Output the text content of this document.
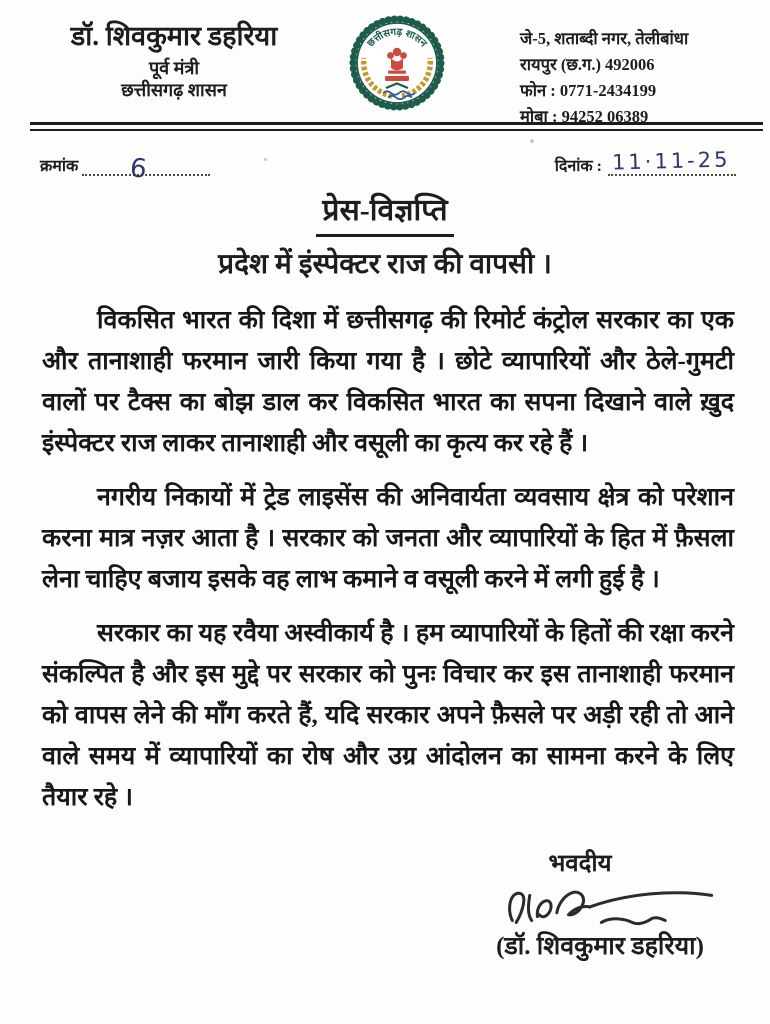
डॉ. शिवकुमार डहरिया
पूर्व मंत्री
छत्तीसगढ़ शासन
छत्तीसगढ़ शासन	जे-5, शताब्दी नगर, तेलीबांधा
रायपुर (छ.ग.) 492006
फोन : 0771-2434199
मोबा : 94252 06389
क्रमांक 6	दिनांक : 11·11-25
प्रेस-विज्ञप्ति
प्रदेश में इंस्पेक्टर राज की वापसी ।

विकसित भारत की दिशा में छत्तीसगढ़ की रिमोर्ट कंट्रोल सरकार का एक और तानाशाही फरमान जारी किया गया है । छोटे व्यापारियों और ठेले-गुमटी वालों पर टैक्स का बोझ डाल कर विकसित भारत का सपना दिखाने वाले ख़ुद इंस्पेक्टर राज लाकर तानाशाही और वसूली का कृत्य कर रहे हैं ।

नगरीय निकायों में ट्रेड लाइसेंस की अनिवार्यता व्यवसाय क्षेत्र को परेशान करना मात्र नज़र आता है । सरकार को जनता और व्यापारियों के हित में फ़ैसला लेना चाहिए बजाय इसके वह लाभ कमाने व वसूली करने में लगी हुई है ।

सरकार का यह रवैया अस्वीकार्य है । हम व्यापारियों के हितों की रक्षा करने संकल्पित है और इस मुद्दे पर सरकार को पुनः विचार कर इस तानाशाही फरमान को वापस लेने की माँग करते हैं, यदि सरकार अपने फ़ैसले पर अड़ी रही तो आने वाले समय में व्यापारियों का रोष और उग्र आंदोलन का सामना करने के लिए तैयार रहे ।

भवदीय
(डॉ. शिवकुमार डहरिया)
